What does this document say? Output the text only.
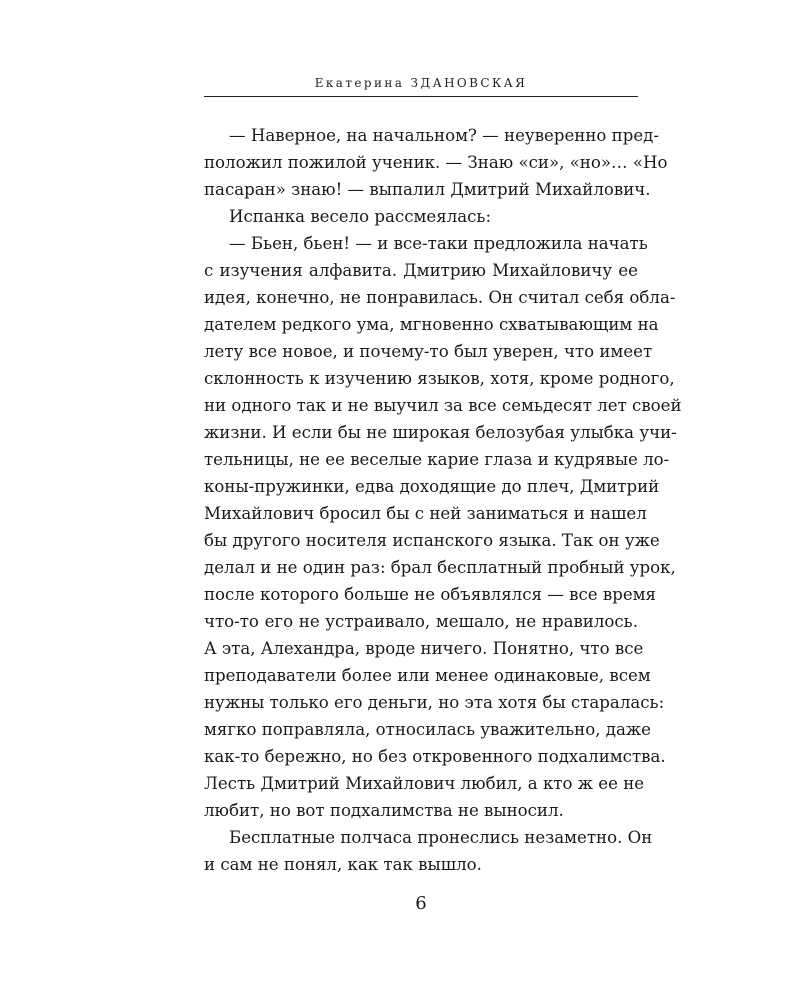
Екатерина ЗДАНОВСКАЯ
— Наверное, на начальном? — неуверенно пред-
положил пожилой ученик. — Знаю «си», «но»… «Но
пасаран» знаю! — выпалил Дмитрий Михайлович.
Испанка весело рассмеялась:
— Бьен, бьен! — и все-таки предложила начать
с изучения алфавита. Дмитрию Михайловичу ее
идея, конечно, не понравилась. Он считал себя обла-
дателем редкого ума, мгновенно схватывающим на
лету все новое, и почему-то был уверен, что имеет
склонность к изучению языков, хотя, кроме родного,
ни одного так и не выучил за все семьдесят лет своей
жизни. И если бы не широкая белозубая улыбка учи-
тельницы, не ее веселые карие глаза и кудрявые ло-
коны-пружинки, едва доходящие до плеч, Дмитрий
Михайлович бросил бы с ней заниматься и нашел
бы другого носителя испанского языка. Так он уже
делал и не один раз: брал бесплатный пробный урок,
после которого больше не объявлялся — все время
что-то его не устраивало, мешало, не нравилось.
А эта, Алехандра, вроде ничего. Понятно, что все
преподаватели более или менее одинаковые, всем
нужны только его деньги, но эта хотя бы старалась:
мягко поправляла, относилась уважительно, даже
как-то бережно, но без откровенного подхалимства.
Лесть Дмитрий Михайлович любил, а кто ж ее не
любит, но вот подхалимства не выносил.
Бесплатные полчаса пронеслись незаметно. Он
и сам не понял, как так вышло.
6
